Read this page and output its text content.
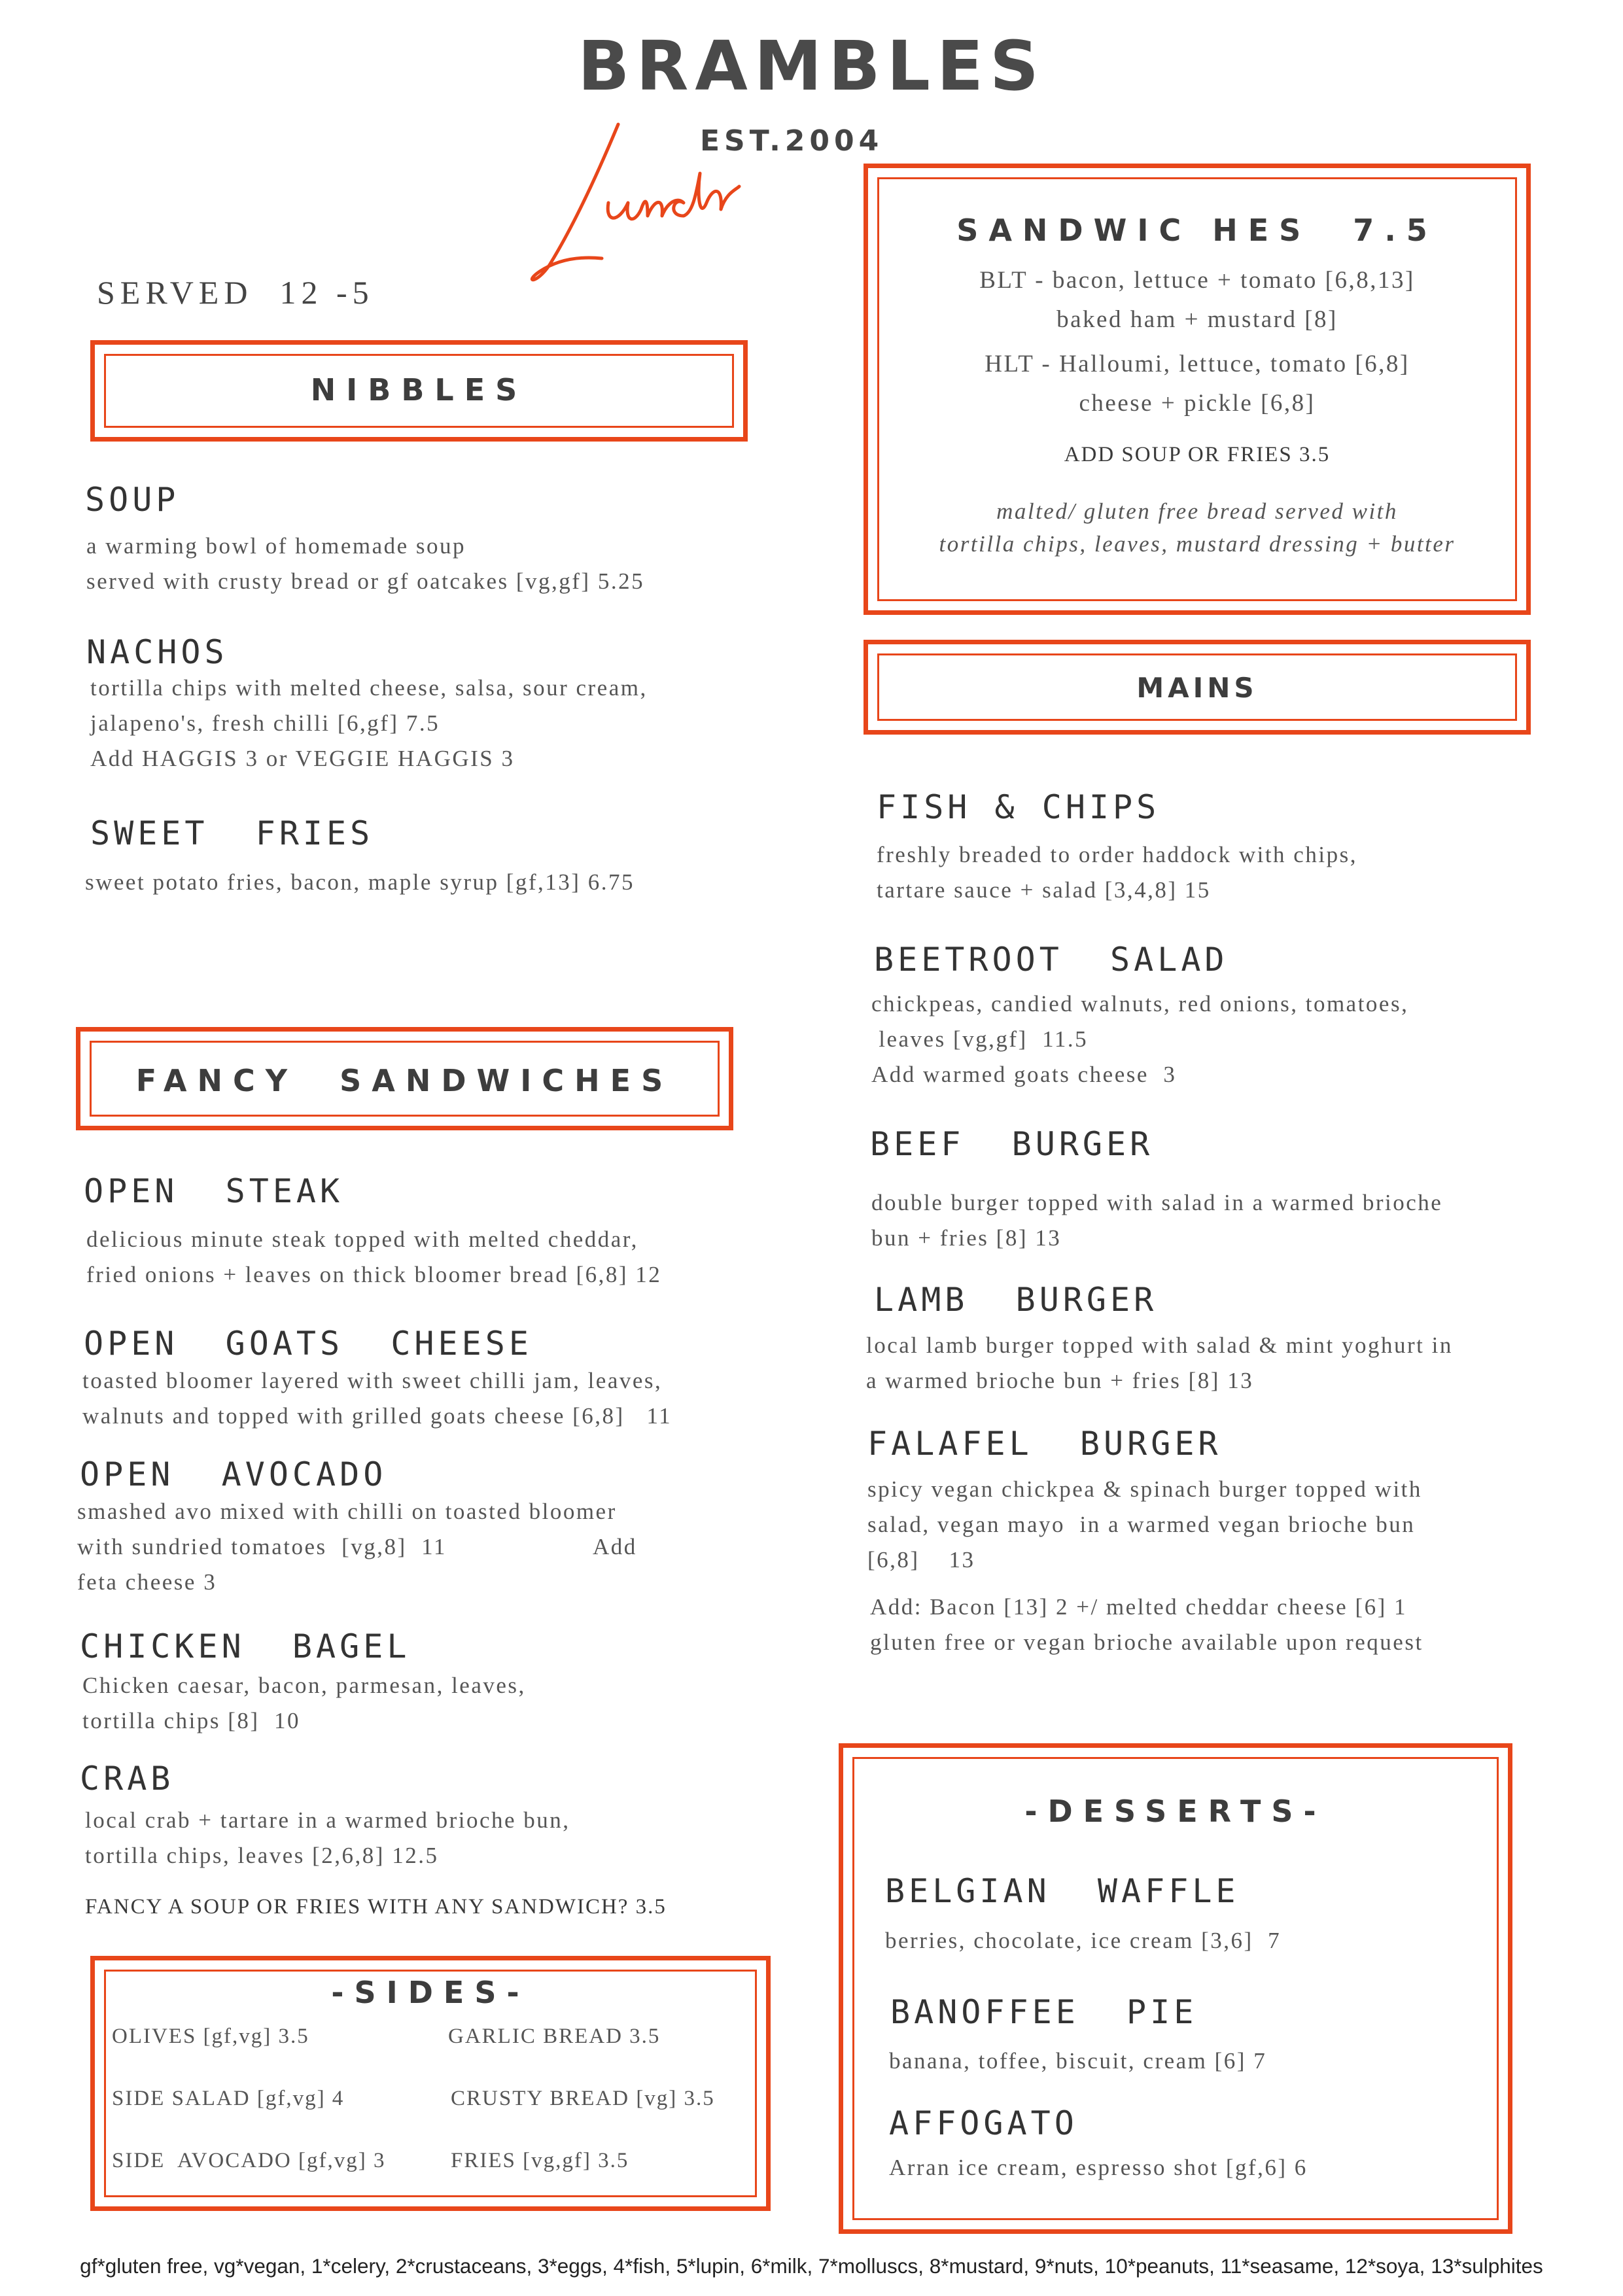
BRAMBLES
EST.2004
SERVED  12 -5
NIBBLES
SOUP
a warming bowl of homemade soup
served with crusty bread or gf oatcakes [vg,gf] 5.25
NACHOS
tortilla chips with melted cheese, salsa, sour cream,
jalapeno's, fresh chilli [6,gf] 7.5
Add HAGGIS 3 or VEGGIE HAGGIS 3
SWEET  FRIES
sweet potato fries, bacon, maple syrup [gf,13] 6.75
FANCY  SANDWICHES
OPEN  STEAK
delicious minute steak topped with melted cheddar,
fried onions + leaves on thick bloomer bread [6,8] 12
OPEN  GOATS  CHEESE
toasted bloomer layered with sweet chilli jam, leaves,
walnuts and topped with grilled goats cheese [6,8]   11
OPEN  AVOCADO
smashed avo mixed with chilli on toasted bloomer
with sundried tomatoes  [vg,8]  11                    Add
feta cheese 3
CHICKEN  BAGEL
Chicken caesar, bacon, parmesan, leaves,
tortilla chips [8]  10
CRAB
local crab + tartare in a warmed brioche bun,
tortilla chips, leaves [2,6,8] 12.5
FANCY A SOUP OR FRIES WITH ANY SANDWICH? 3.5
-SIDES-
OLIVES [gf,vg] 3.5
SIDE SALAD [gf,vg] 4
SIDE  AVOCADO [gf,vg] 3
GARLIC BREAD 3.5
CRUSTY BREAD [vg] 3.5
FRIES [vg,gf] 3.5
SANDWIC HES  7.5
BLT - bacon, lettuce + tomato [6,8,13]
baked ham + mustard [8]
HLT - Halloumi, lettuce, tomato [6,8]
cheese + pickle [6,8]
ADD SOUP OR FRIES 3.5
malted/ gluten free bread served with
tortilla chips, leaves, mustard dressing + butter
MAINS
FISH & CHIPS
freshly breaded to order haddock with chips,
tartare sauce + salad [3,4,8] 15
BEETROOT  SALAD
chickpeas, candied walnuts, red onions, tomatoes,
leaves [vg,gf]  11.5
Add warmed goats cheese  3
BEEF  BURGER
double burger topped with salad in a warmed brioche
bun + fries [8] 13
LAMB  BURGER
local lamb burger topped with salad & mint yoghurt in
a warmed brioche bun + fries [8] 13
FALAFEL  BURGER
spicy vegan chickpea & spinach burger topped with
salad, vegan mayo  in a warmed vegan brioche bun
[6,8]    13
Add: Bacon [13] 2 +/ melted cheddar cheese [6] 1
gluten free or vegan brioche available upon request
-DESSERTS-
BELGIAN  WAFFLE
berries, chocolate, ice cream [3,6]  7
BANOFFEE  PIE
banana, toffee, biscuit, cream [6] 7
AFFOGATO
Arran ice cream, espresso shot [gf,6] 6
gf*gluten free, vg*vegan, 1*celery, 2*crustaceans, 3*eggs, 4*fish, 5*lupin, 6*milk, 7*molluscs, 8*mustard, 9*nuts, 10*peanuts, 11*seasame, 12*soya, 13*sulphites
